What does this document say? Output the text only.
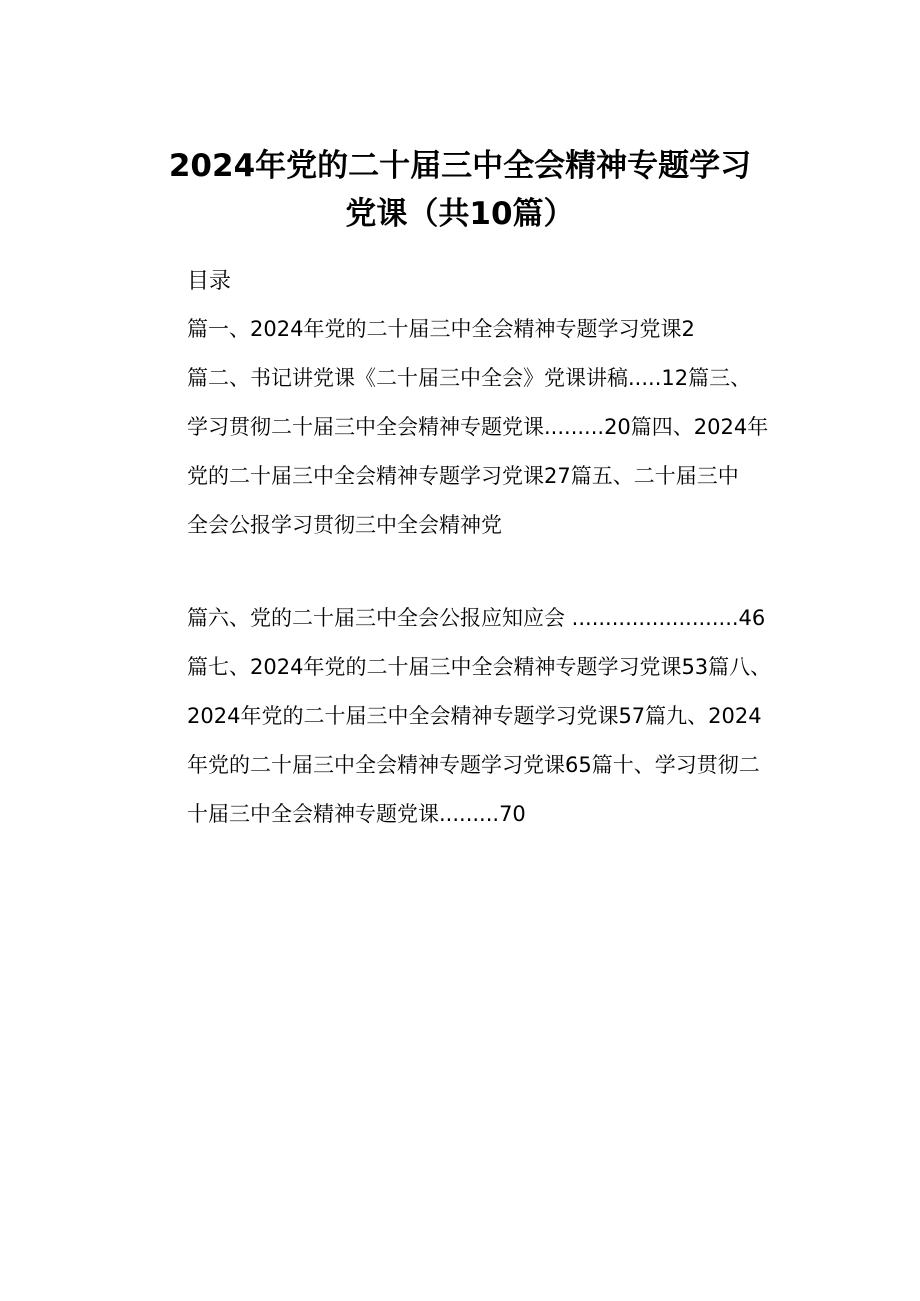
2024年党的二十届三中全会精神专题学习
党课（共10篇）
目录
篇一、2024年党的二十届三中全会精神专题学习党课2
篇二、书记讲党课《二十届三中全会》党课讲稿.....12篇三、
学习贯彻二十届三中全会精神专题党课.........20篇四、2024年
党的二十届三中全会精神专题学习党课27篇五、二十届三中
全会公报学习贯彻三中全会精神党
篇六、党的二十届三中全会公报应知应会 .........................46
篇七、2024年党的二十届三中全会精神专题学习党课53篇八、
2024年党的二十届三中全会精神专题学习党课57篇九、2024
年党的二十届三中全会精神专题学习党课65篇十、学习贯彻二
十届三中全会精神专题党课.........70
